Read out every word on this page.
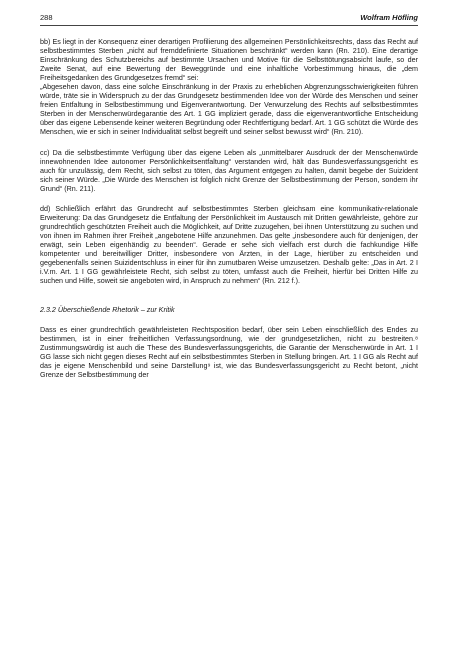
288	Wolfram Höfling

bb) Es liegt in der Konsequenz einer derartigen Profilierung des allgemeinen Persönlichkeitsrechts, dass das Recht auf selbstbestimmtes Sterben „nicht auf fremddefinierte Situationen beschränkt“ werden kann (Rn. 210). Eine derartige Einschränkung des Schutzbereichs auf bestimmte Ursachen und Motive für die Selbsttötungsabsicht laufe, so der Zweite Senat, auf eine Bewertung der Beweggründe und eine inhaltliche Vorbestimmung hinaus, die „dem Freiheitsgedanken des Grundgesetzes fremd“ sei:

„Abgesehen davon, dass eine solche Einschränkung in der Praxis zu erheblichen Abgrenzungsschwierigkeiten führen würde, träte sie in Widerspruch zu der das Grundgesetz bestimmenden Idee von der Würde des Menschen und seiner freien Entfaltung in Selbstbestimmung und Eigenverantwortung. Der Verwurzelung des Rechts auf selbstbestimmtes Sterben in der Menschenwürdegarantie des Art. 1 GG impliziert gerade, dass die eigenverantwortliche Entscheidung über das eigene Lebensende keiner weiteren Begründung oder Rechtfertigung bedarf. Art. 1 GG schützt die Würde des Menschen, wie er sich in seiner Individualität selbst begreift und seiner selbst bewusst wird“ (Rn. 210).

cc) Da die selbstbestimmte Verfügung über das eigene Leben als „unmittelbarer Ausdruck der der Menschenwürde innewohnenden Idee autonomer Persönlichkeitsentfaltung“ verstanden wird, hält das Bundesverfassungsgericht es auch für unzulässig, dem Recht, sich selbst zu töten, das Argument entgegen zu halten, damit begebe der Suizident sich seiner Würde. „Die Würde des Menschen ist folglich nicht Grenze der Selbstbestimmung der Person, sondern ihr Grund“ (Rn. 211).

dd) Schließlich erfährt das Grundrecht auf selbstbestimmtes Sterben gleichsam eine kommunikativ-relationale Erweiterung: Da das Grundgesetz die Entfaltung der Persönlichkeit im Austausch mit Dritten gewährleiste, gehöre zur grundrechtlich geschützten Freiheit auch die Möglichkeit, auf Dritte zuzugehen, bei ihnen Unterstützung zu suchen und von ihnen im Rahmen ihrer Freiheit „angebotene Hilfe anzunehmen. Das gelte „insbesondere auch für denjenigen, der erwägt, sein Leben eigenhändig zu beenden“. Gerade er sehe sich vielfach erst durch die fachkundige Hilfe kompetenter und bereitwilliger Dritter, insbesondere von Ärzten, in der Lage, hierüber zu entscheiden und gegebenenfalls seinen Suizidentschluss in einer für ihn zumutbaren Weise umzusetzen. Deshalb gelte: „Das in Art. 2 I i.V.m. Art. 1 I GG gewährleistete Recht, sich selbst zu töten, umfasst auch die Freiheit, hierfür bei Dritten Hilfe zu suchen und Hilfe, soweit sie angeboten wird, in Anspruch zu nehmen“ (Rn. 212 f.).

2.3.2 Überschießende Rhetorik – zur Kritik

Dass es einer grundrechtlich gewährleisteten Rechtsposition bedarf, über sein Leben einschließlich des Endes zu bestimmen, ist in einer freiheitlichen Verfassungsordnung, wie der grundgesetzlichen, nicht zu bestreiten.⁸ Zustimmungswürdig ist auch die These des Bundesverfassungsgerichts, die Garantie der Menschenwürde in Art. 1 I GG lasse sich nicht gegen dieses Recht auf ein selbstbestimmtes Sterben in Stellung bringen. Art. 1 I GG als Recht auf das je eigene Menschenbild und seine Darstellung⁹ ist, wie das Bundesverfassungsgericht zu Recht betont, „nicht Grenze der Selbstbestimmung der
